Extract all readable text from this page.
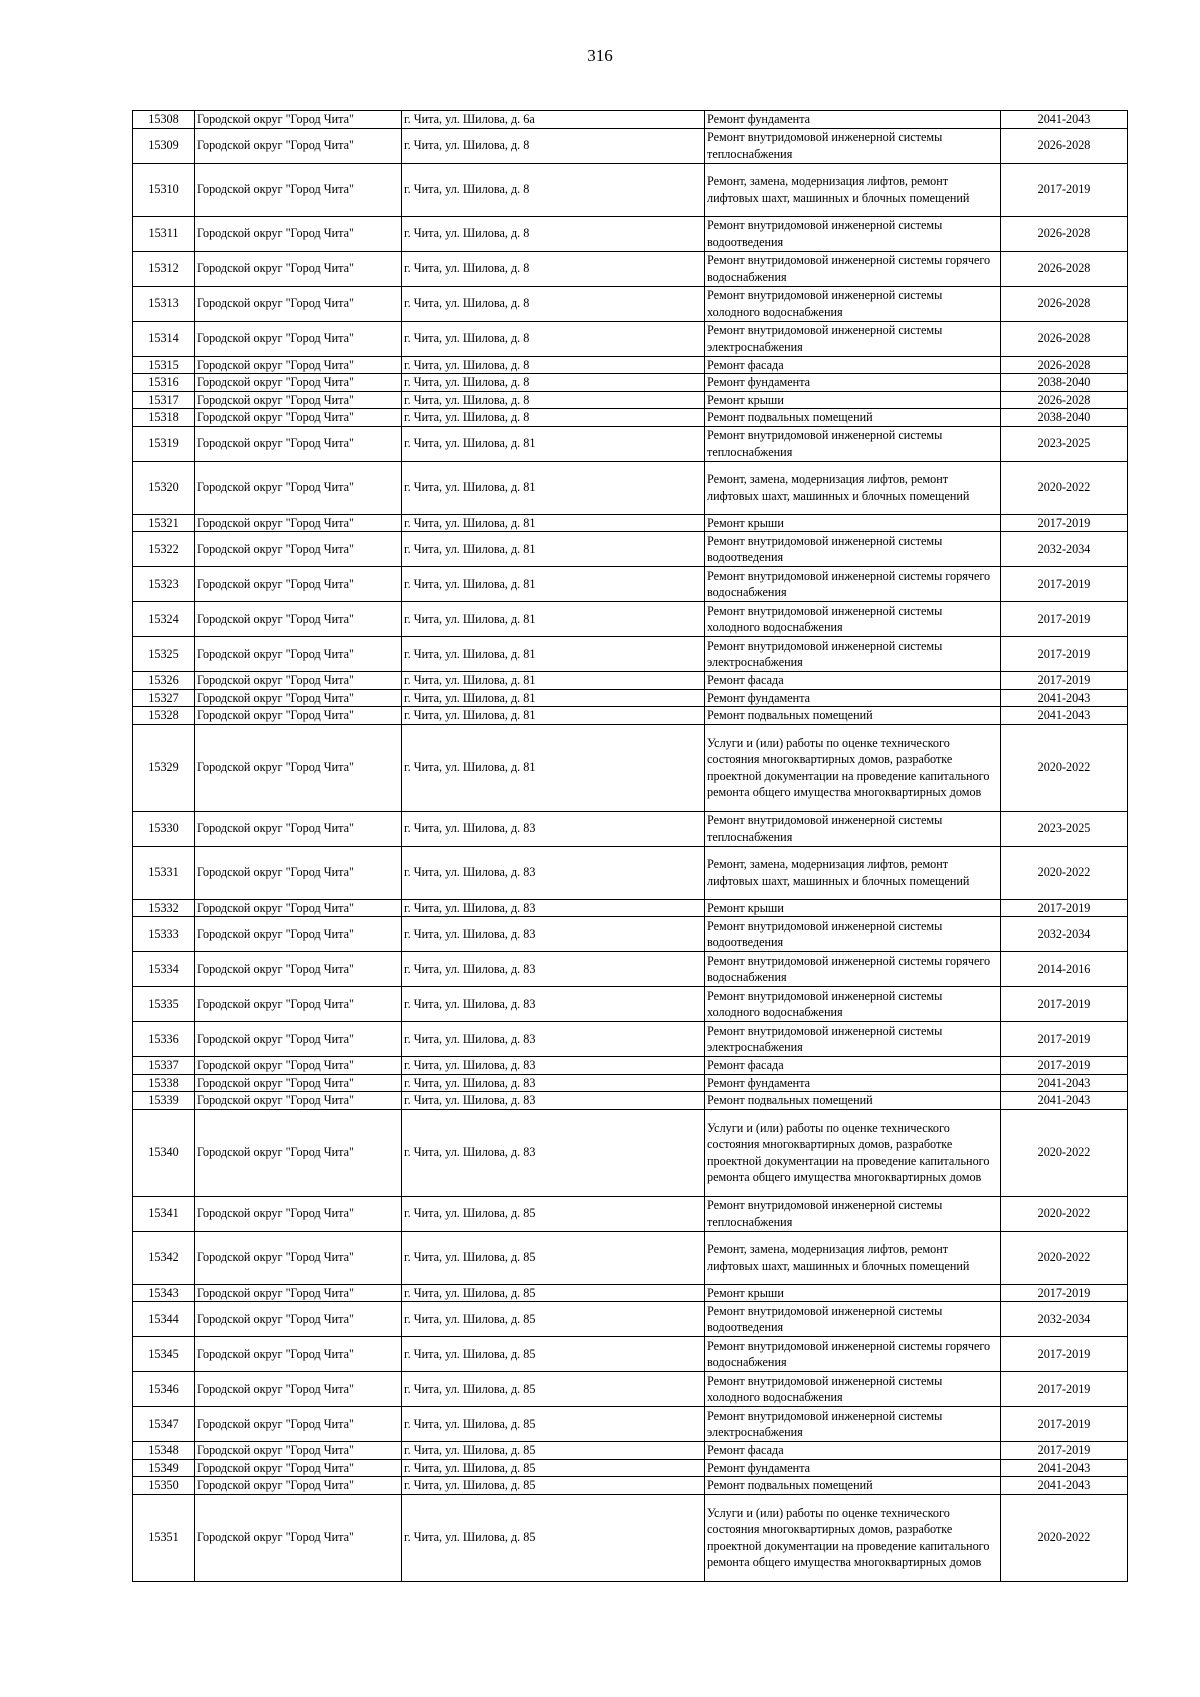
316
15308	Городской округ "Город Чита"	г. Чита, ул. Шилова, д. 6а	Ремонт фундамента	2041-2043
15309	Городской округ "Город Чита"	г. Чита, ул. Шилова, д. 8	Ремонт внутридомовой инженерной системы теплоснабжения	2026-2028
15310	Городской округ "Город Чита"	г. Чита, ул. Шилова, д. 8	Ремонт, замена, модернизация лифтов, ремонт лифтовых шахт, машинных и блочных помещений	2017-2019
15311	Городской округ "Город Чита"	г. Чита, ул. Шилова, д. 8	Ремонт внутридомовой инженерной системы водоотведения	2026-2028
15312	Городской округ "Город Чита"	г. Чита, ул. Шилова, д. 8	Ремонт внутридомовой инженерной системы горячего водоснабжения	2026-2028
15313	Городской округ "Город Чита"	г. Чита, ул. Шилова, д. 8	Ремонт внутридомовой инженерной системы холодного водоснабжения	2026-2028
15314	Городской округ "Город Чита"	г. Чита, ул. Шилова, д. 8	Ремонт внутридомовой инженерной системы электроснабжения	2026-2028
15315	Городской округ "Город Чита"	г. Чита, ул. Шилова, д. 8	Ремонт фасада	2026-2028
15316	Городской округ "Город Чита"	г. Чита, ул. Шилова, д. 8	Ремонт фундамента	2038-2040
15317	Городской округ "Город Чита"	г. Чита, ул. Шилова, д. 8	Ремонт крыши	2026-2028
15318	Городской округ "Город Чита"	г. Чита, ул. Шилова, д. 8	Ремонт подвальных помещений	2038-2040
15319	Городской округ "Город Чита"	г. Чита, ул. Шилова, д. 81	Ремонт внутридомовой инженерной системы теплоснабжения	2023-2025
15320	Городской округ "Город Чита"	г. Чита, ул. Шилова, д. 81	Ремонт, замена, модернизация лифтов, ремонт лифтовых шахт, машинных и блочных помещений	2020-2022
15321	Городской округ "Город Чита"	г. Чита, ул. Шилова, д. 81	Ремонт крыши	2017-2019
15322	Городской округ "Город Чита"	г. Чита, ул. Шилова, д. 81	Ремонт внутридомовой инженерной системы водоотведения	2032-2034
15323	Городской округ "Город Чита"	г. Чита, ул. Шилова, д. 81	Ремонт внутридомовой инженерной системы горячего водоснабжения	2017-2019
15324	Городской округ "Город Чита"	г. Чита, ул. Шилова, д. 81	Ремонт внутридомовой инженерной системы холодного водоснабжения	2017-2019
15325	Городской округ "Город Чита"	г. Чита, ул. Шилова, д. 81	Ремонт внутридомовой инженерной системы электроснабжения	2017-2019
15326	Городской округ "Город Чита"	г. Чита, ул. Шилова, д. 81	Ремонт фасада	2017-2019
15327	Городской округ "Город Чита"	г. Чита, ул. Шилова, д. 81	Ремонт фундамента	2041-2043
15328	Городской округ "Город Чита"	г. Чита, ул. Шилова, д. 81	Ремонт подвальных помещений	2041-2043
15329	Городской округ "Город Чита"	г. Чита, ул. Шилова, д. 81	Услуги и (или) работы по оценке технического состояния многоквартирных домов, разработке проектной документации на проведение капитального ремонта общего имущества многоквартирных домов	2020-2022
15330	Городской округ "Город Чита"	г. Чита, ул. Шилова, д. 83	Ремонт внутридомовой инженерной системы теплоснабжения	2023-2025
15331	Городской округ "Город Чита"	г. Чита, ул. Шилова, д. 83	Ремонт, замена, модернизация лифтов, ремонт лифтовых шахт, машинных и блочных помещений	2020-2022
15332	Городской округ "Город Чита"	г. Чита, ул. Шилова, д. 83	Ремонт крыши	2017-2019
15333	Городской округ "Город Чита"	г. Чита, ул. Шилова, д. 83	Ремонт внутридомовой инженерной системы водоотведения	2032-2034
15334	Городской округ "Город Чита"	г. Чита, ул. Шилова, д. 83	Ремонт внутридомовой инженерной системы горячего водоснабжения	2014-2016
15335	Городской округ "Город Чита"	г. Чита, ул. Шилова, д. 83	Ремонт внутридомовой инженерной системы холодного водоснабжения	2017-2019
15336	Городской округ "Город Чита"	г. Чита, ул. Шилова, д. 83	Ремонт внутридомовой инженерной системы электроснабжения	2017-2019
15337	Городской округ "Город Чита"	г. Чита, ул. Шилова, д. 83	Ремонт фасада	2017-2019
15338	Городской округ "Город Чита"	г. Чита, ул. Шилова, д. 83	Ремонт фундамента	2041-2043
15339	Городской округ "Город Чита"	г. Чита, ул. Шилова, д. 83	Ремонт подвальных помещений	2041-2043
15340	Городской округ "Город Чита"	г. Чита, ул. Шилова, д. 83	Услуги и (или) работы по оценке технического состояния многоквартирных домов, разработке проектной документации на проведение капитального ремонта общего имущества многоквартирных домов	2020-2022
15341	Городской округ "Город Чита"	г. Чита, ул. Шилова, д. 85	Ремонт внутридомовой инженерной системы теплоснабжения	2020-2022
15342	Городской округ "Город Чита"	г. Чита, ул. Шилова, д. 85	Ремонт, замена, модернизация лифтов, ремонт лифтовых шахт, машинных и блочных помещений	2020-2022
15343	Городской округ "Город Чита"	г. Чита, ул. Шилова, д. 85	Ремонт крыши	2017-2019
15344	Городской округ "Город Чита"	г. Чита, ул. Шилова, д. 85	Ремонт внутридомовой инженерной системы водоотведения	2032-2034
15345	Городской округ "Город Чита"	г. Чита, ул. Шилова, д. 85	Ремонт внутридомовой инженерной системы горячего водоснабжения	2017-2019
15346	Городской округ "Город Чита"	г. Чита, ул. Шилова, д. 85	Ремонт внутридомовой инженерной системы холодного водоснабжения	2017-2019
15347	Городской округ "Город Чита"	г. Чита, ул. Шилова, д. 85	Ремонт внутридомовой инженерной системы электроснабжения	2017-2019
15348	Городской округ "Город Чита"	г. Чита, ул. Шилова, д. 85	Ремонт фасада	2017-2019
15349	Городской округ "Город Чита"	г. Чита, ул. Шилова, д. 85	Ремонт фундамента	2041-2043
15350	Городской округ "Город Чита"	г. Чита, ул. Шилова, д. 85	Ремонт подвальных помещений	2041-2043
15351	Городской округ "Город Чита"	г. Чита, ул. Шилова, д. 85	Услуги и (или) работы по оценке технического состояния многоквартирных домов, разработке проектной документации на проведение капитального ремонта общего имущества многоквартирных домов	2020-2022
